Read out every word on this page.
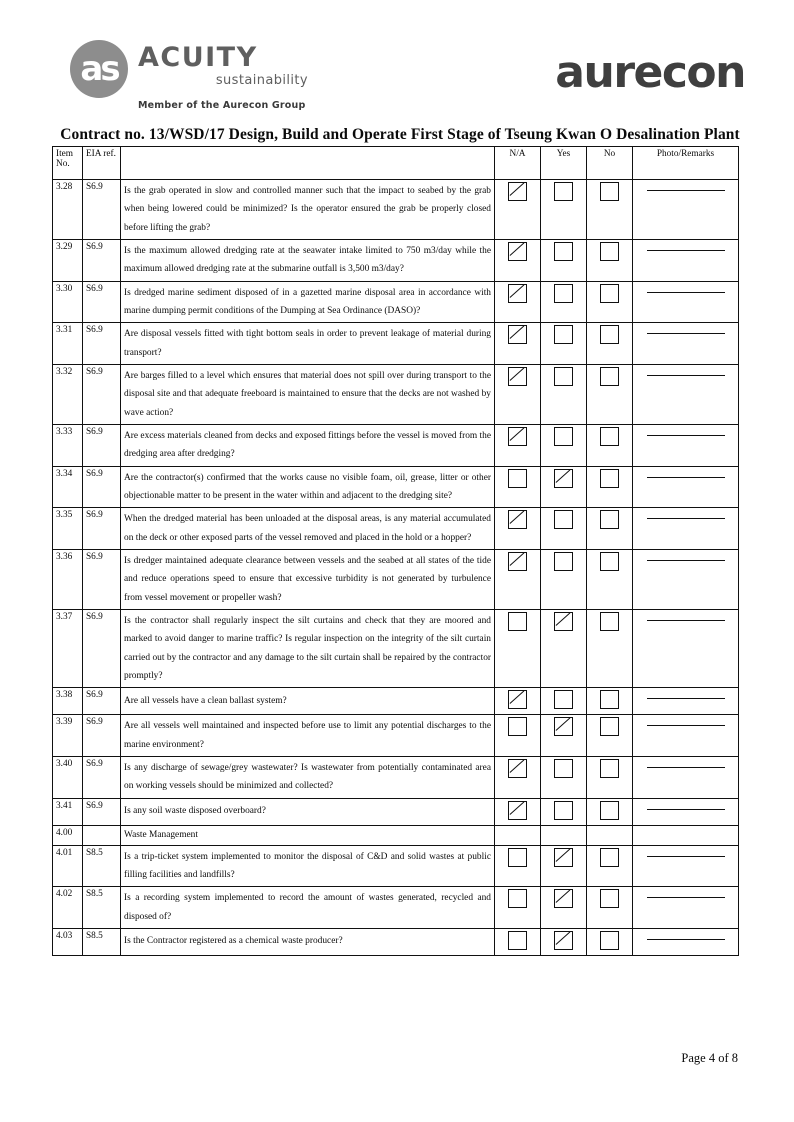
as ACUITY
sustainability
Member of the Aurecon Group
aurecon
Contract no. 13/WSD/17 Design, Build and Operate First Stage of Tseung Kwan O Desalination Plant
Item
No.	EIA ref.		N/A	Yes	No	Photo/Remarks
3.28	S6.9	Is the grab operated in slow and controlled manner such that the impact to seabed by the grab when being lowered could be minimized? Is the operator ensured the grab be properly closed before lifting the grab?				
3.29	S6.9	Is the maximum allowed dredging rate at the seawater intake limited to 750 m3/day while the maximum allowed dredging rate at the submarine outfall is 3,500 m3/day?				
3.30	S6.9	Is dredged marine sediment disposed of in a gazetted marine disposal area in accordance with marine dumping permit conditions of the Dumping at Sea Ordinance (DASO)?				
3.31	S6.9	Are disposal vessels fitted with tight bottom seals in order to prevent leakage of material during transport?				
3.32	S6.9	Are barges filled to a level which ensures that material does not spill over during transport to the disposal site and that adequate freeboard is maintained to ensure that the decks are not washed by wave action?				
3.33	S6.9	Are excess materials cleaned from decks and exposed fittings before the vessel is moved from the dredging area after dredging?				
3.34	S6.9	Are the contractor(s) confirmed that the works cause no visible foam, oil, grease, litter or other objectionable matter to be present in the water within and adjacent to the dredging site?				
3.35	S6.9	When the dredged material has been unloaded at the disposal areas, is any material accumulated on the deck or other exposed parts of the vessel removed and placed in the hold or a hopper?				
3.36	S6.9	Is dredger maintained adequate clearance between vessels and the seabed at all states of the tide and reduce operations speed to ensure that excessive turbidity is not generated by turbulence from vessel movement or propeller wash?				
3.37	S6.9	Is the contractor shall regularly inspect the silt curtains and check that they are moored and marked to avoid danger to marine traffic? Is regular inspection on the integrity of the silt curtain carried out by the contractor and any damage to the silt curtain shall be repaired by the contractor promptly?				
3.38	S6.9	Are all vessels have a clean ballast system?				
3.39	S6.9	Are all vessels well maintained and inspected before use to limit any potential discharges to the marine environment?				
3.40	S6.9	Is any discharge of sewage/grey wastewater? Is wastewater from potentially contaminated area on working vessels should be minimized and collected?				
3.41	S6.9	Is any soil waste disposed overboard?				
4.00		Waste Management				
4.01	S8.5	Is a trip-ticket system implemented to monitor the disposal of C&D and solid wastes at public filling facilities and landfills?				
4.02	S8.5	Is a recording system implemented to record the amount of wastes generated, recycled and disposed of?				
4.03	S8.5	Is the Contractor registered as a chemical waste producer?				
Page 4 of 8
